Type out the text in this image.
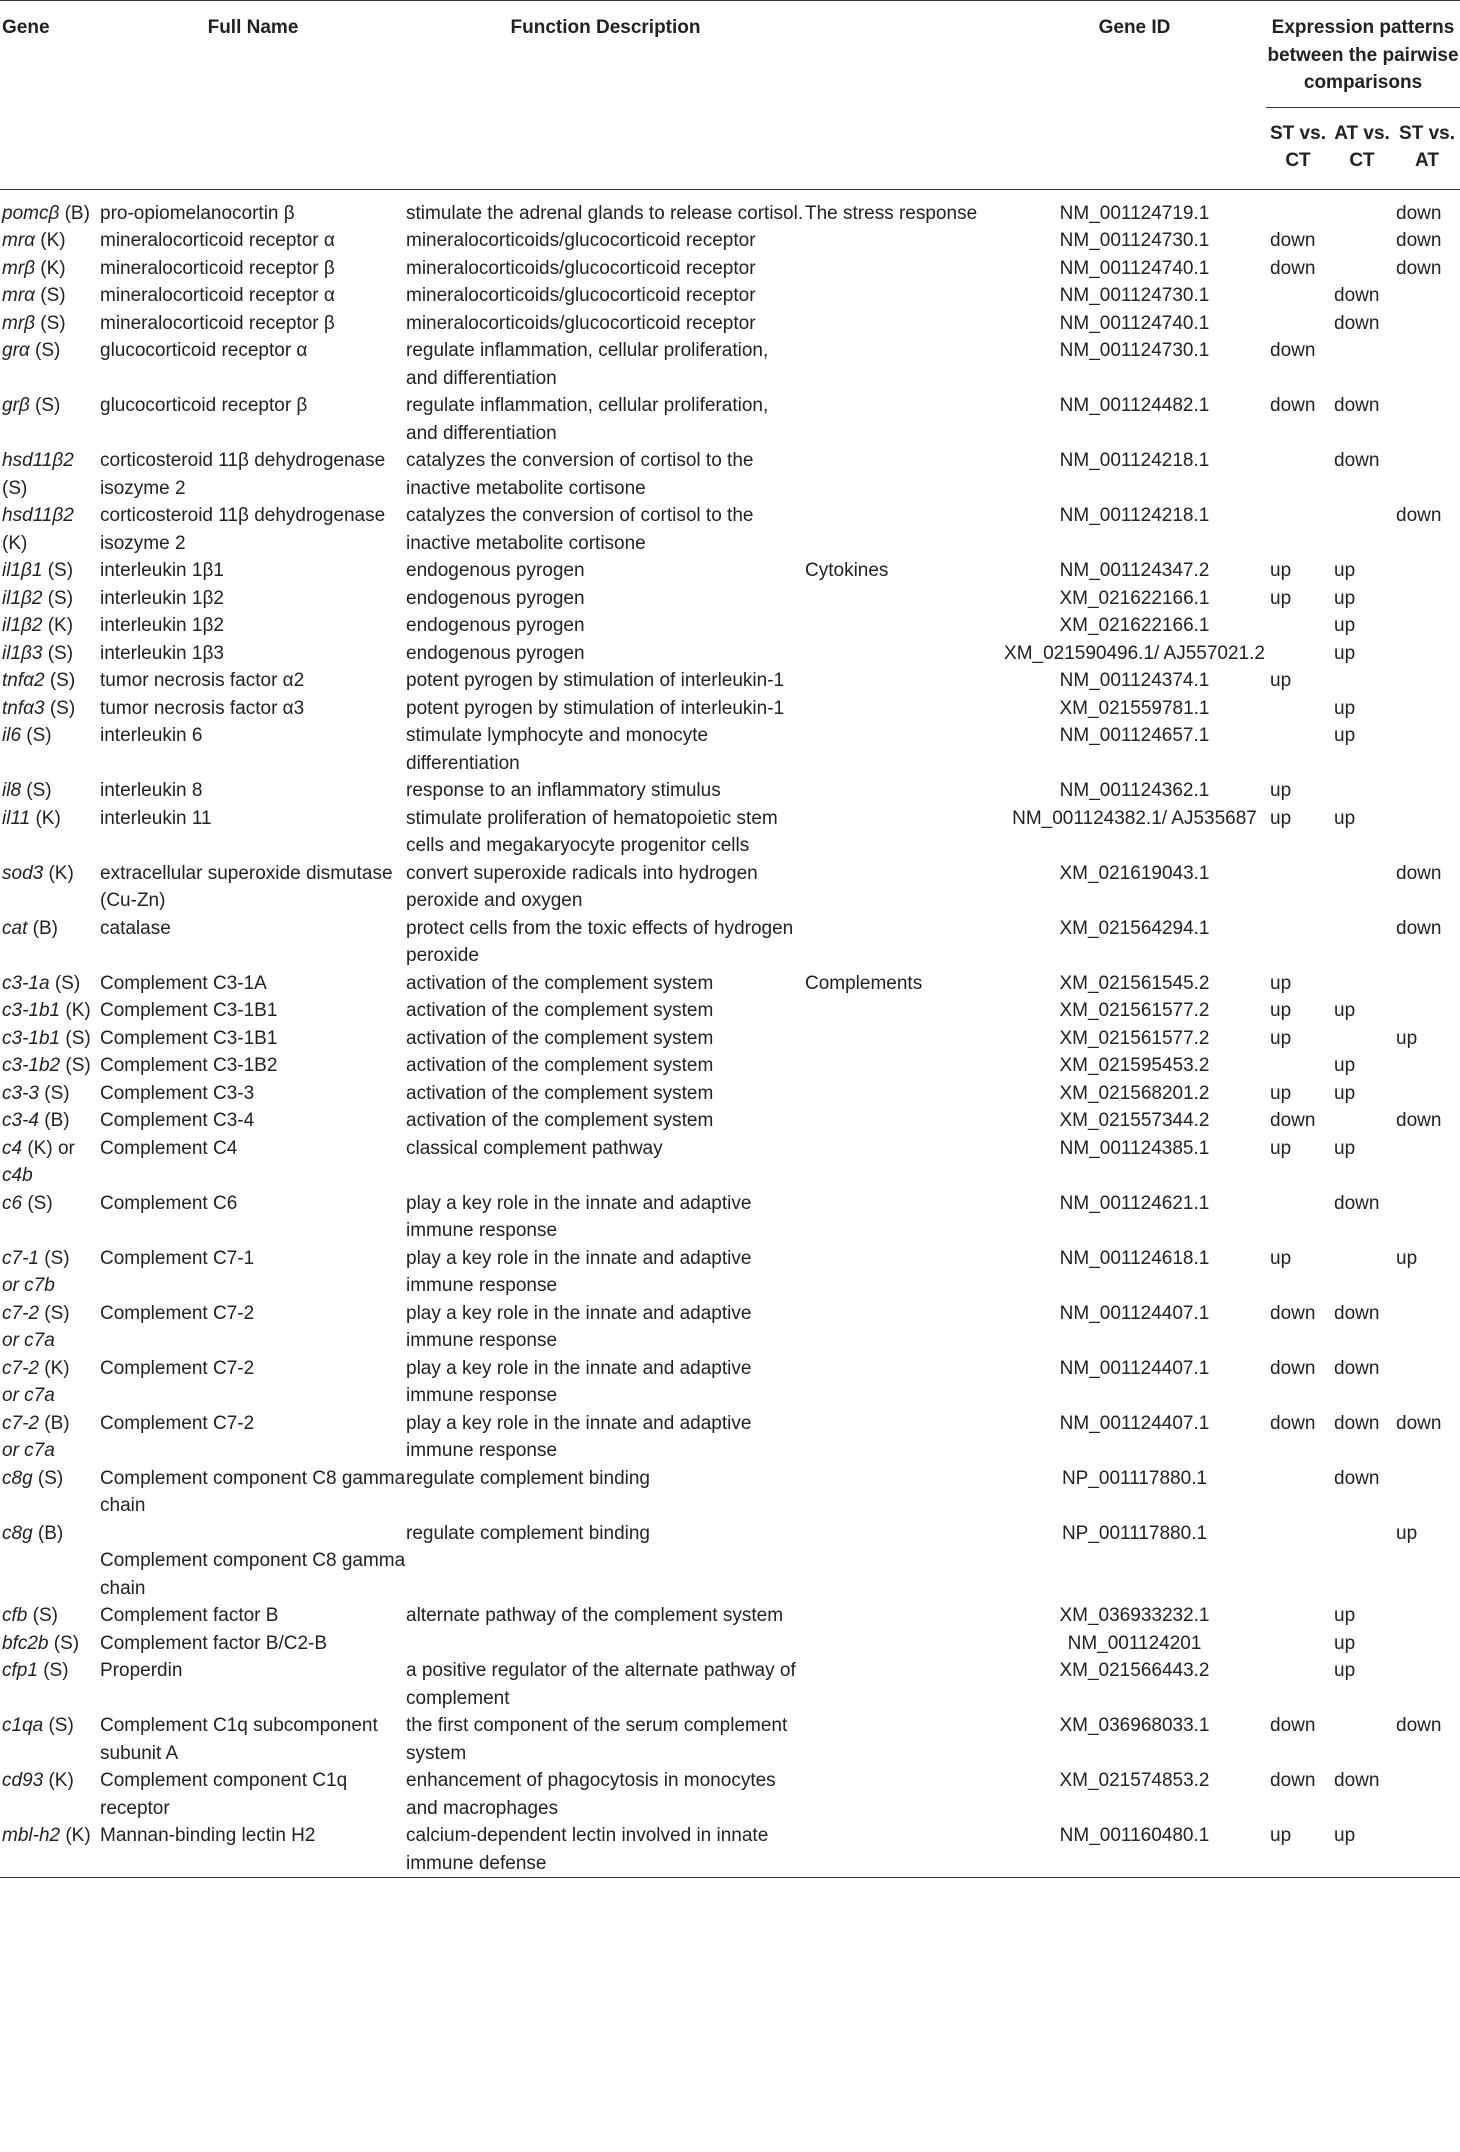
Gene	Full Name	Function Description		Gene ID	Expression patterns between the pairwise comparisons		
					ST vs. CT	AT vs. CT	ST vs. AT
pomcβ (B)	pro-opiomelanocortin β	stimulate the adrenal glands to release cortisol.	The stress response	NM_001124719.1			down
mrα (K)	mineralocorticoid receptor α	mineralocorticoids/glucocorticoid receptor		NM_001124730.1	down		down
mrβ (K)	mineralocorticoid receptor β	mineralocorticoids/glucocorticoid receptor		NM_001124740.1	down		down
mrα (S)	mineralocorticoid receptor α	mineralocorticoids/glucocorticoid receptor		NM_001124730.1		down	
mrβ (S)	mineralocorticoid receptor β	mineralocorticoids/glucocorticoid receptor		NM_001124740.1		down	
grα (S)	glucocorticoid receptor α	regulate inflammation, cellular proliferation, and differentiation		NM_001124730.1	down		
grβ (S)	glucocorticoid receptor β	regulate inflammation, cellular proliferation, and differentiation		NM_001124482.1	down	down	
hsd11β2 (S)	corticosteroid 11β dehydrogenase isozyme 2	catalyzes the conversion of cortisol to the inactive metabolite cortisone		NM_001124218.1		down	
hsd11β2 (K)	corticosteroid 11β dehydrogenase isozyme 2	catalyzes the conversion of cortisol to the inactive metabolite cortisone		NM_001124218.1			down
il1β1 (S)	interleukin 1β1	endogenous pyrogen	Cytokines	NM_001124347.2	up	up	
il1β2 (S)	interleukin 1β2	endogenous pyrogen		XM_021622166.1	up	up	
il1β2 (K)	interleukin 1β2	endogenous pyrogen		XM_021622166.1		up	
il1β3 (S)	interleukin 1β3	endogenous pyrogen		XM_021590496.1/ AJ557021.2		up	
tnfα2 (S)	tumor necrosis factor α2	potent pyrogen by stimulation of interleukin-1		NM_001124374.1	up		
tnfα3 (S)	tumor necrosis factor α3	potent pyrogen by stimulation of interleukin-1		XM_021559781.1		up	
il6 (S)	interleukin 6	stimulate lymphocyte and monocyte differentiation		NM_001124657.1		up	
il8 (S)	interleukin 8	response to an inflammatory stimulus		NM_001124362.1	up		
il11 (K)	interleukin 11	stimulate proliferation of hematopoietic stem cells and megakaryocyte progenitor cells		NM_001124382.1/ AJ535687	up	up	
sod3 (K)	extracellular superoxide dismutase (Cu-Zn)	convert superoxide radicals into hydrogen peroxide and oxygen		XM_021619043.1			down
cat (B)	catalase	protect cells from the toxic effects of hydrogen peroxide		XM_021564294.1			down
c3-1a (S)	Complement C3-1A	activation of the complement system	Complements	XM_021561545.2	up		
c3-1b1 (K)	Complement C3-1B1	activation of the complement system		XM_021561577.2	up	up	
c3-1b1 (S)	Complement C3-1B1	activation of the complement system		XM_021561577.2	up		up
c3-1b2 (S)	Complement C3-1B2	activation of the complement system		XM_021595453.2		up	
c3-3 (S)	Complement C3-3	activation of the complement system		XM_021568201.2	up	up	
c3-4 (B)	Complement C3-4	activation of the complement system		XM_021557344.2	down		down
c4 (K) or
c4b	Complement C4	classical complement pathway		NM_001124385.1	up	up	
c6 (S)	Complement C6	play a key role in the innate and adaptive immune response		NM_001124621.1		down	
c7-1 (S)
or c7b	Complement C7-1	play a key role in the innate and adaptive immune response		NM_001124618.1	up		up
c7-2 (S)
or c7a	Complement C7-2	play a key role in the innate and adaptive immune response		NM_001124407.1	down	down	
c7-2 (K)
or c7a	Complement C7-2	play a key role in the innate and adaptive immune response		NM_001124407.1	down	down	
c7-2 (B)
or c7a	Complement C7-2	play a key role in the innate and adaptive immune response		NM_001124407.1	down	down	down
c8g (S)	Complement component C8 gamma chain	regulate complement binding		NP_001117880.1		down	
c8g (B)	Complement component C8 gamma chain	regulate complement binding		NP_001117880.1			up
cfb (S)	Complement factor B	alternate pathway of the complement system		XM_036933232.1		up	
bfc2b (S)	Complement factor B/C2-B			NM_001124201		up	
cfp1 (S)	Properdin	a positive regulator of the alternate pathway of complement		XM_021566443.2		up	
c1qa (S)	Complement C1q subcomponent subunit A	the first component of the serum complement system		XM_036968033.1	down		down
cd93 (K)	Complement component C1q receptor	enhancement of phagocytosis in monocytes and macrophages		XM_021574853.2	down	down	
mbl-h2 (K)	Mannan-binding lectin H2	calcium-dependent lectin involved in innate immune defense		NM_001160480.1	up	up	
